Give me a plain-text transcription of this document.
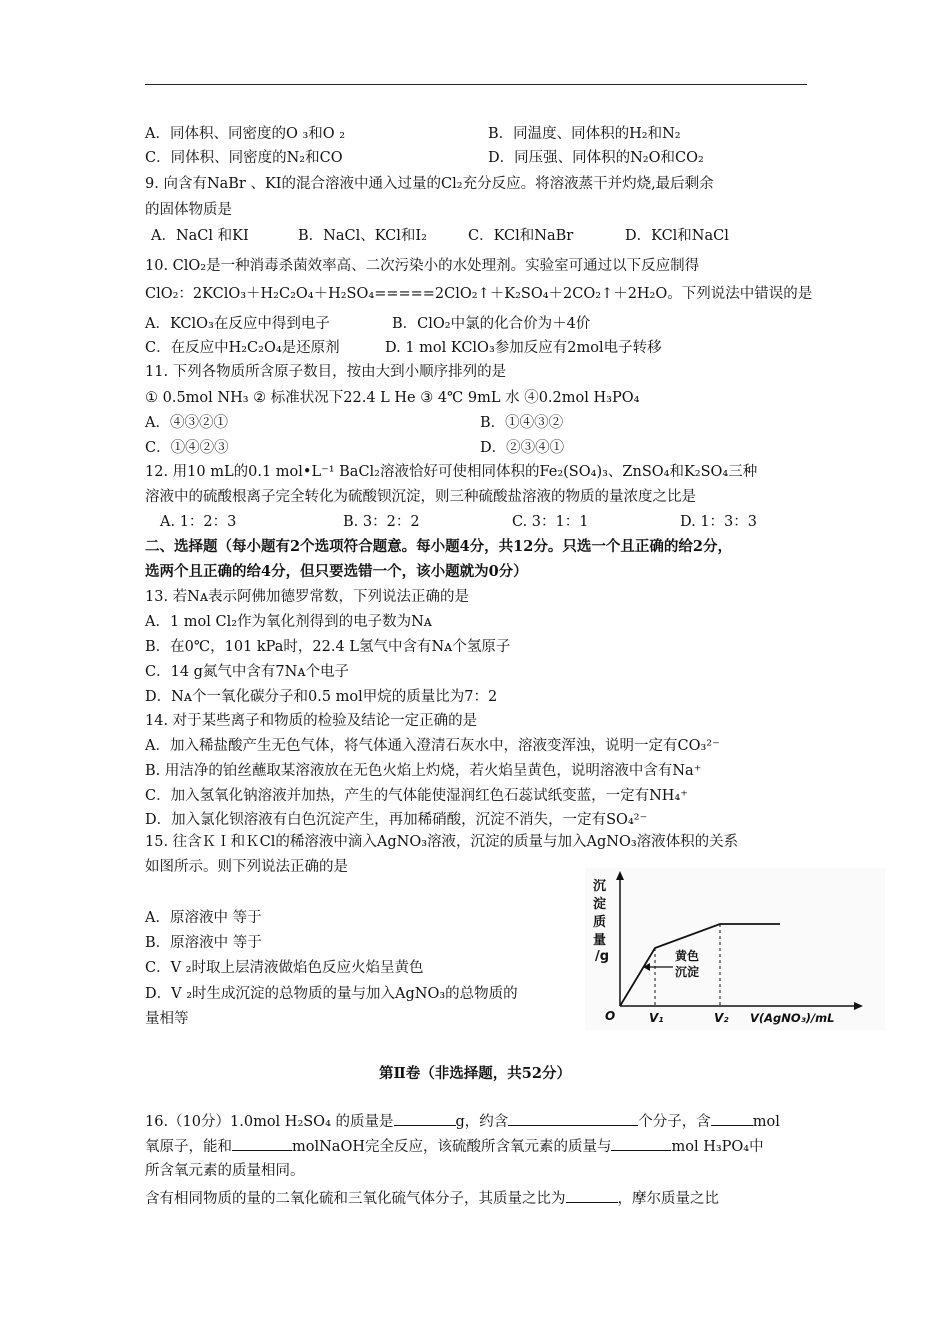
A．同体积、同密度的O ₃和O ₂	B．同温度、同体积的H₂和N₂
C．同体积、同密度的N₂和CO	D．同压强、同体积的N₂O和CO₂
9. 向含有NaBr 、KI的混合溶液中通入过量的Cl₂充分反应。将溶液蒸干并灼烧,最后剩余
的固体物质是
A．NaCl 和KI	B．NaCl、KCl和I₂	C．KCl和NaBr	D．KCl和NaCl
10. ClO₂是一种消毒杀菌效率高、二次污染小的水处理剂。实验室可通过以下反应制得
ClO₂：2KClO₃＋H₂C₂O₄＋H₂SO₄=====2ClO₂↑＋K₂SO₄＋2CO₂↑＋2H₂O。下列说法中错误的是
A．KClO₃在反应中得到电子	B．ClO₂中氯的化合价为＋4价
C．在反应中H₂C₂O₄是还原剂	D. 1 mol KClO₃参加反应有2mol电子转移
11. 下列各物质所含原子数目，按由大到小顺序排列的是
① 0.5mol NH₃ ② 标准状况下22.4 L He ③ 4℃ 9mL 水 ④0.2mol H₃PO₄
A．④③②①	B．①④③②
C．①④②③	D．②③④①
12. 用10 mL的0.1 mol•L⁻¹ BaCl₂溶液恰好可使相同体积的Fe₂(SO₄)₃、ZnSO₄和K₂SO₄三种
溶液中的硫酸根离子完全转化为硫酸钡沉淀，则三种硫酸盐溶液的物质的量浓度之比是
A. 1：2：3	B. 3：2：2	C. 3：1：1	D. 1：3：3
二、选择题（每小题有2个选项符合题意。每小题4分，共12分。只选一个且正确的给2分，
选两个且正确的给4分，但只要选错一个，该小题就为0分）
13. 若Nᴀ表示阿佛加德罗常数，下列说法正确的是
A．1 mol Cl₂作为氧化剂得到的电子数为Nᴀ
B．在0℃，101 kPa时，22.4 L氢气中含有Nᴀ个氢原子
C．14 g氮气中含有7Nᴀ个电子
D．Nᴀ个一氧化碳分子和0.5 mol甲烷的质量比为7：2
14. 对于某些离子和物质的检验及结论一定正确的是
A．加入稀盐酸产生无色气体，将气体通入澄清石灰水中，溶液变浑浊，说明一定有CO₃²⁻
B. 用洁净的铂丝蘸取某溶液放在无色火焰上灼烧，若火焰呈黄色，说明溶液中含有Na⁺
C．加入氢氧化钠溶液并加热，产生的气体能使湿润红色石蕊试纸变蓝，一定有NH₄⁺
D．加入氯化钡溶液有白色沉淀产生，再加稀硝酸，沉淀不消失，一定有SO₄²⁻
15. 往含ＫＩ和ＫCl的稀溶液中滴入AgNO₃溶液，沉淀的质量与加入AgNO₃溶液体积的关系
如图所示。则下列说法正确的是
A．原溶液中 等于
B．原溶液中 等于
C．V ₂时取上层清液做焰色反应火焰呈黄色
D．V ₂时生成沉淀的总物质的量与加入AgNO₃的总物质的
量相等
沉
淀
质
量
/g	黄色
沉淀
O	V₁	V₂ V(AgNO₃)/mL
第Ⅱ卷（非选择题，共52分）
16.（10分）1.0mol H₂SO₄ 的质量是	g，约含	个分子，含	mol
氧原子，能和	molNaOH完全反应，该硫酸所含氧元素的质量与	mol H₃PO₄中
所含氧元素的质量相同。
含有相同物质的量的二氧化硫和三氧化硫气体分子，其质量之比为	，摩尔质量之比
